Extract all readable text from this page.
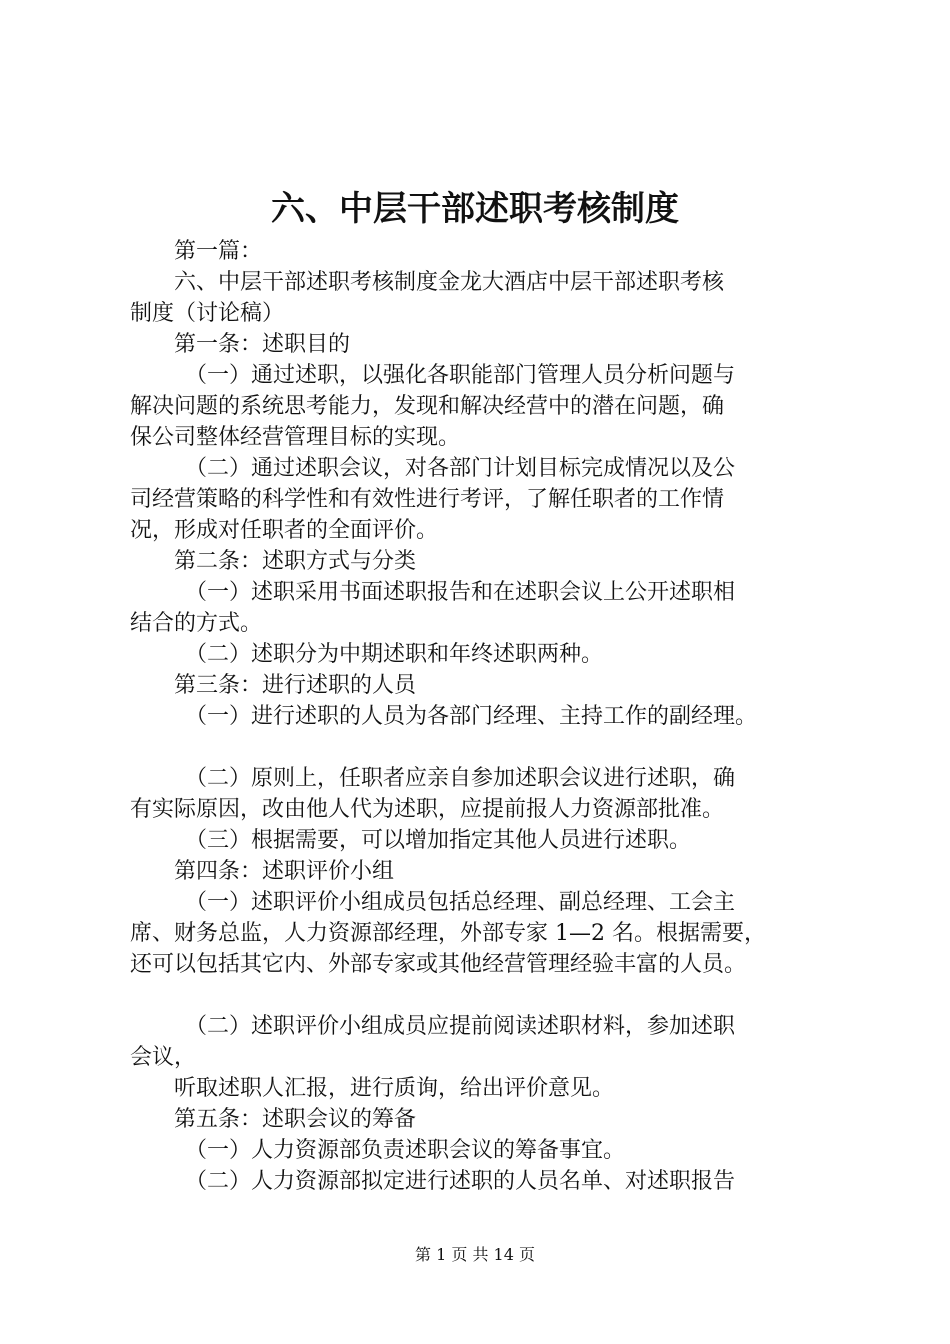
六、中层干部述职考核制度
第一篇：
六、中层干部述职考核制度金龙大酒店中层干部述职考核
制度（讨论稿）
第一条：述职目的
（一）通过述职，以强化各职能部门管理人员分析问题与
解决问题的系统思考能力，发现和解决经营中的潜在问题，确
保公司整体经营管理目标的实现。
（二）通过述职会议，对各部门计划目标完成情况以及公
司经营策略的科学性和有效性进行考评，了解任职者的工作情
况，形成对任职者的全面评价。
第二条：述职方式与分类
（一）述职采用书面述职报告和在述职会议上公开述职相
结合的方式。
（二）述职分为中期述职和年终述职两种。
第三条：进行述职的人员
（一）进行述职的人员为各部门经理、主持工作的副经理。
（二）原则上，任职者应亲自参加述职会议进行述职，确
有实际原因，改由他人代为述职，应提前报人力资源部批准。
（三）根据需要，可以增加指定其他人员进行述职。
第四条：述职评价小组
（一）述职评价小组成员包括总经理、副总经理、工会主
席、财务总监，人力资源部经理，外部专家 1—2 名。根据需要，
还可以包括其它内、外部专家或其他经营管理经验丰富的人员。
（二）述职评价小组成员应提前阅读述职材料，参加述职
会议，
听取述职人汇报，进行质询，给出评价意见。
第五条：述职会议的筹备
（一）人力资源部负责述职会议的筹备事宜。
（二）人力资源部拟定进行述职的人员名单、对述职报告
第 1 页 共 14 页
